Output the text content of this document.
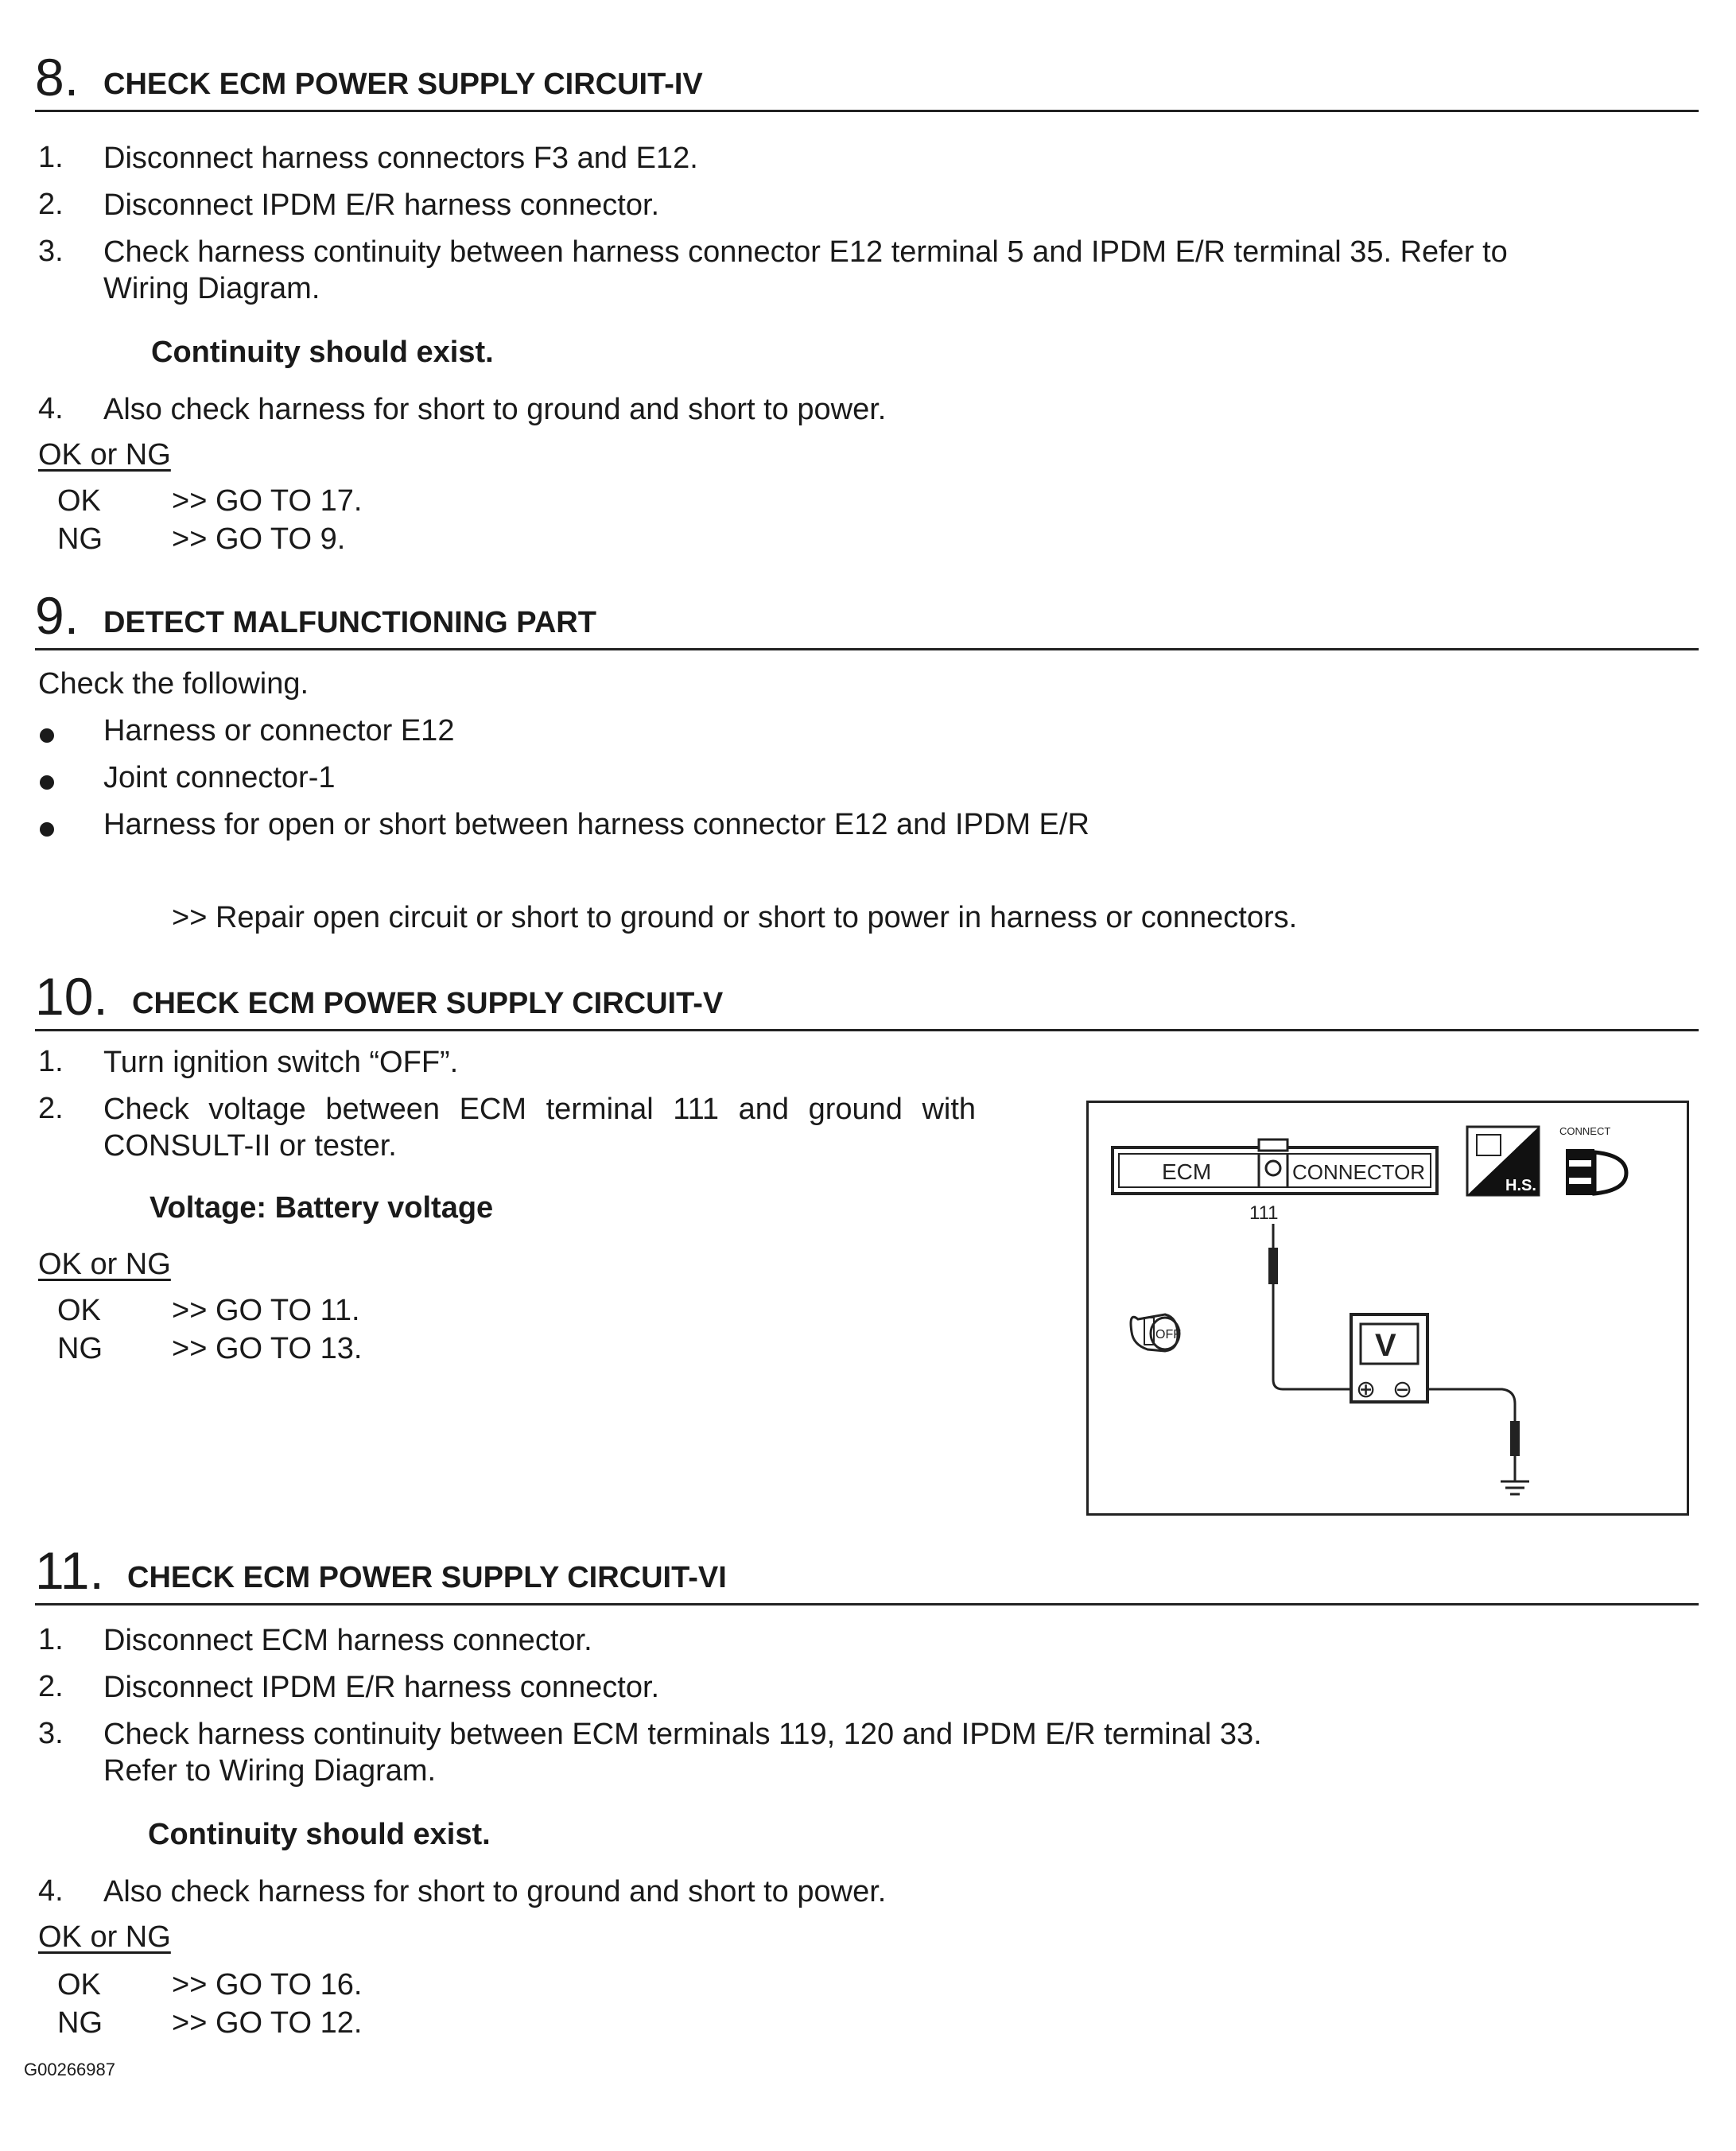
8. CHECK ECM POWER SUPPLY CIRCUIT-IV
1. Disconnect harness connectors F3 and E12.
2. Disconnect IPDM E/R harness connector.
3. Check harness continuity between harness connector E12 terminal 5 and IPDM E/R terminal 35. Refer to
Wiring Diagram.
Continuity should exist.
4. Also check harness for short to ground and short to power.
OK or NG
OK >> GO TO 17.
NG >> GO TO 9.
9. DETECT MALFUNCTIONING PART
Check the following.
Harness or connector E12
Joint connector-1
Harness for open or short between harness connector E12 and IPDM E/R
>> Repair open circuit or short to ground or short to power in harness or connectors.
10. CHECK ECM POWER SUPPLY CIRCUIT-V
1. Turn ignition switch “OFF”.
2. Check voltage between ECM terminal 111 and ground with
CONSULT-II or tester.
Voltage: Battery voltage
OK or NG
OK >> GO TO 11.
NG >> GO TO 13.
ECM	CONNECTOR
111
V
⊕ ⊖
OFF
H.S.
CONNECT
11. CHECK ECM POWER SUPPLY CIRCUIT-VI
1. Disconnect ECM harness connector.
2. Disconnect IPDM E/R harness connector.
3. Check harness continuity between ECM terminals 119, 120 and IPDM E/R terminal 33.
Refer to Wiring Diagram.
Continuity should exist.
4. Also check harness for short to ground and short to power.
OK or NG
OK >> GO TO 16.
NG >> GO TO 12.
G00266987
